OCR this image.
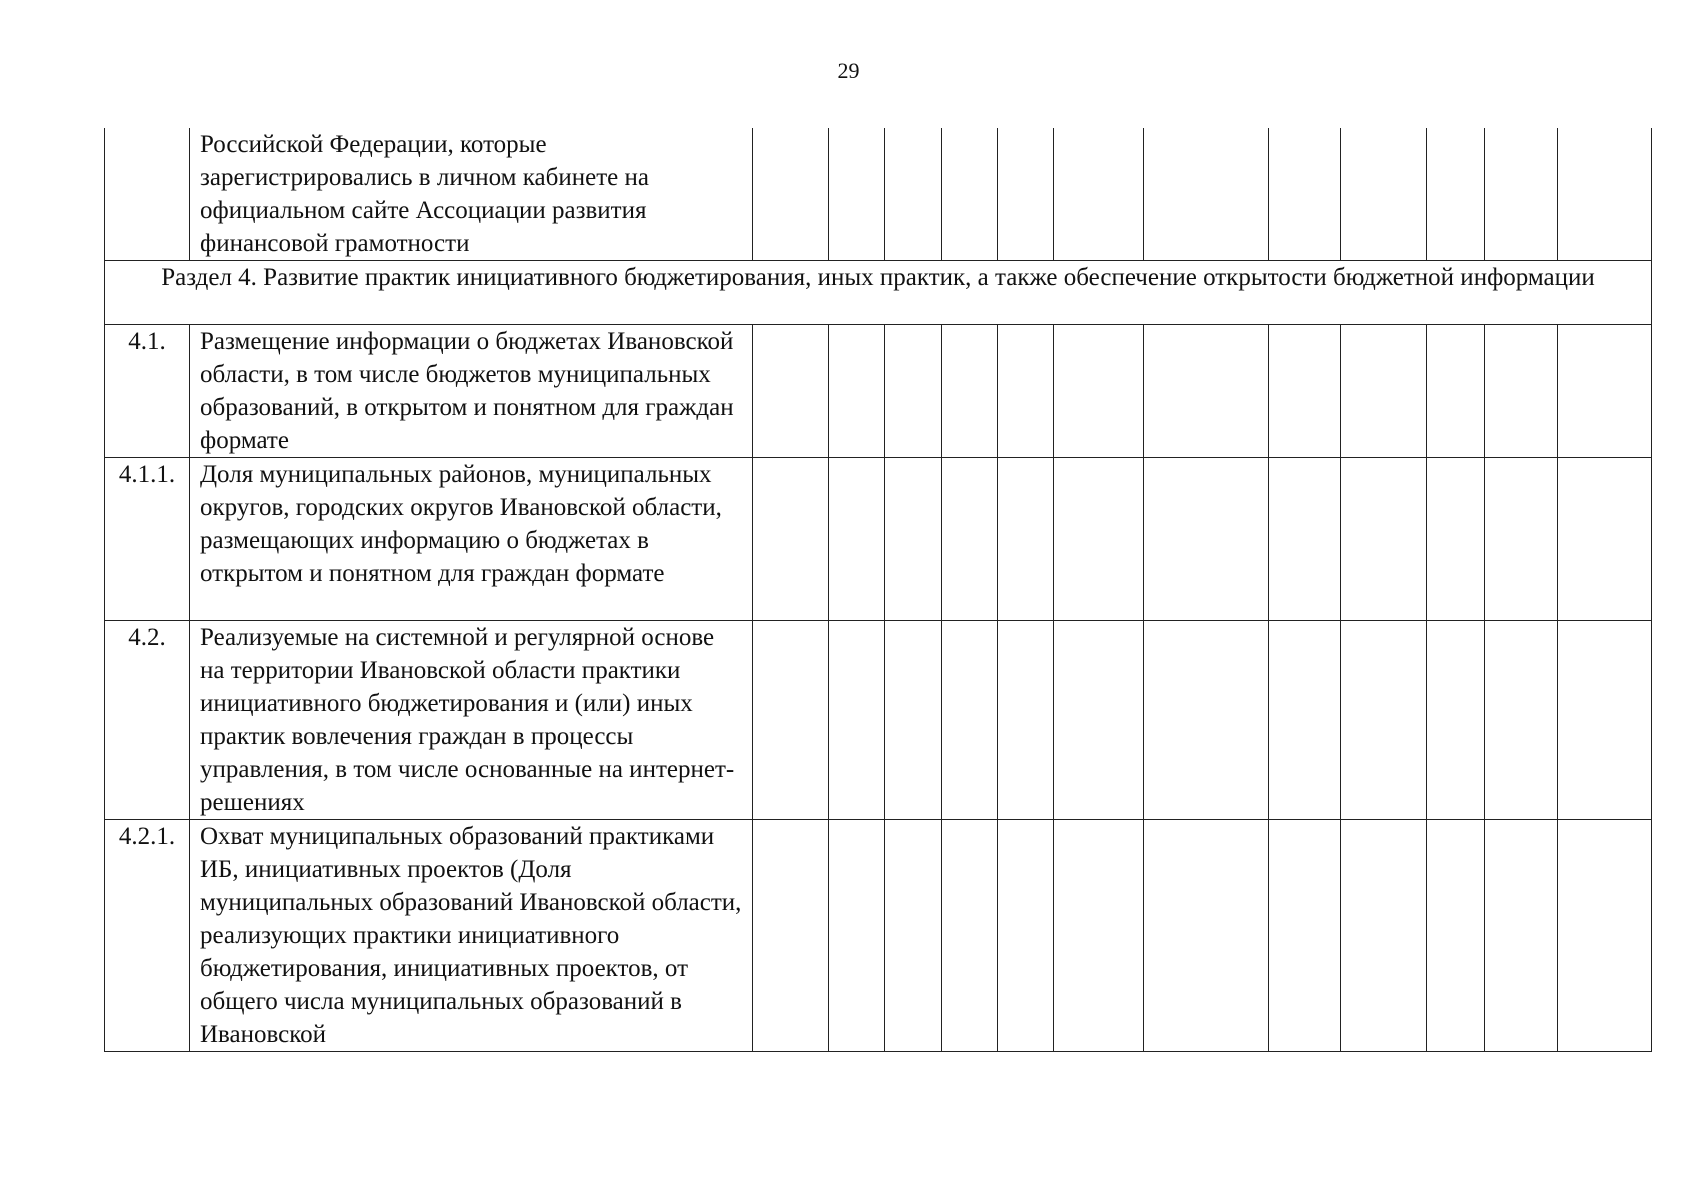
29
	Российской Федерации, которые зарегистрировались в личном кабинете на официальном сайте Ассоциации развития финансовой грамотности												
Раздел 4. Развитие практик инициативного бюджетирования, иных практик, а также обеспечение открытости бюджетной информации													
4.1.	Размещение информации о бюджетах Ивановской области, в том числе бюджетов муниципальных образований, в открытом и понятном для граждан формате												
4.1.1.	Доля муниципальных районов, муниципальных округов, городских округов Ивановской области, размещающих информацию о бюджетах в открытом и понятном для граждан формате												
4.2.	Реализуемые на системной и регулярной основе на территории Ивановской области практики инициативного бюджетирования и (или) иных практик вовлечения граждан в процессы управления, в том числе основанные на интернет-решениях												
4.2.1.	Охват муниципальных образований практиками ИБ, инициативных проектов (Доля муниципальных образований Ивановской области, реализующих практики инициативного бюджетирования, инициативных проектов, от общего числа муниципальных образований в Ивановской												
